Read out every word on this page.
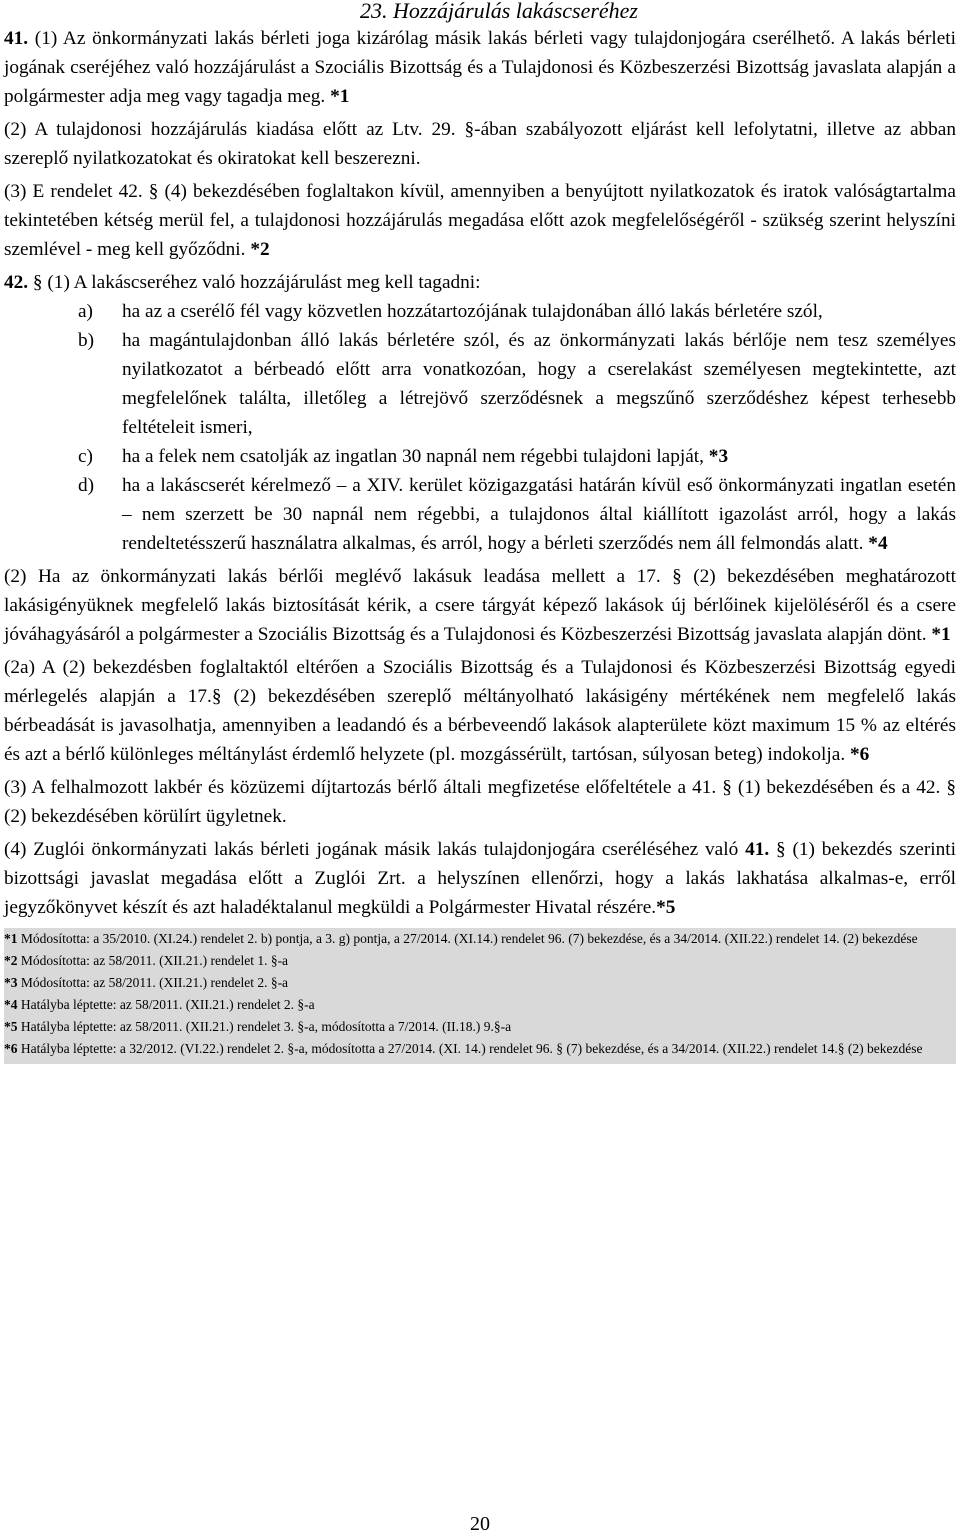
23. Hozzájárulás lakáscseréhez

41. (1) Az önkormányzati lakás bérleti joga kizárólag másik lakás bérleti vagy tulajdonjogára cserélhető. A lakás bérleti jogának cseréjéhez való hozzájárulást a Szociális Bizottság és a Tulajdonosi és Közbeszerzési Bizottság javaslata alapján a polgármester adja meg vagy tagadja meg. *1

(2) A tulajdonosi hozzájárulás kiadása előtt az Ltv. 29. §-ában szabályozott eljárást kell lefolytatni, illetve az abban szereplő nyilatkozatokat és okiratokat kell beszerezni.

(3) E rendelet 42. § (4) bekezdésében foglaltakon kívül, amennyiben a benyújtott nyilatkozatok és iratok valóságtartalma tekintetében kétség merül fel, a tulajdonosi hozzájárulás megadása előtt azok megfelelőségéről - szükség szerint helyszíni szemlével - meg kell győződni. *2

42. § (1) A lakáscseréhez való hozzájárulást meg kell tagadni:

a)	ha az a cserélő fél vagy közvetlen hozzátartozójának tulajdonában álló lakás bérletére szól,
b)	ha magántulajdonban álló lakás bérletére szól, és az önkormányzati lakás bérlője nem tesz személyes nyilatkozatot a bérbeadó előtt arra vonatkozóan, hogy a cserelakást személyesen megtekintette, azt megfelelőnek találta, illetőleg a létrejövő szerződésnek a megszűnő szerződéshez képest terhesebb feltételeit ismeri,
c)	ha a felek nem csatolják az ingatlan 30 napnál nem régebbi tulajdoni lapját, *3
d)	ha a lakáscserét kérelmező – a XIV. kerület közigazgatási határán kívül eső önkormányzati ingatlan esetén – nem szerzett be 30 napnál nem régebbi, a tulajdonos által kiállított igazolást arról, hogy a lakás rendeltetésszerű használatra alkalmas, és arról, hogy a bérleti szerződés nem áll felmondás alatt. *4

(2) Ha az önkormányzati lakás bérlői meglévő lakásuk leadása mellett a 17. § (2) bekezdésében meghatározott lakásigényüknek megfelelő lakás biztosítását kérik, a csere tárgyát képező lakások új bérlőinek kijelöléséről és a csere jóváhagyásáról a polgármester a Szociális Bizottság és a Tulajdonosi és Közbeszerzési Bizottság javaslata alapján dönt. *1

(2a) A (2) bekezdésben foglaltaktól eltérően a Szociális Bizottság és a Tulajdonosi és Közbeszerzési Bizottság egyedi mérlegelés alapján a 17.§ (2) bekezdésében szereplő méltányolható lakásigény mértékének nem megfelelő lakás bérbeadását is javasolhatja, amennyiben a leadandó és a bérbeveendő lakások alapterülete közt maximum 15 % az eltérés és azt a bérlő különleges méltánylást érdemlő helyzete (pl. mozgássérült, tartósan, súlyosan beteg) indokolja. *6

(3) A felhalmozott lakbér és közüzemi díjtartozás bérlő általi megfizetése előfeltétele a 41. § (1) bekezdésében és a 42. § (2) bekezdésében körülírt ügyletnek.

(4) Zuglói önkormányzati lakás bérleti jogának másik lakás tulajdonjogára cseréléséhez való 41. § (1) bekezdés szerinti bizottsági javaslat megadása előtt a Zuglói Zrt. a helyszínen ellenőrzi, hogy a lakás lakhatása alkalmas-e, erről jegyzőkönyvet készít és azt haladéktalanul megküldi a Polgármester Hivatal részére.*5

*1 Módosította: a 35/2010. (XI.24.) rendelet 2. b) pontja, a 3. g) pontja, a 27/2014. (XI.14.) rendelet 96. (7) bekezdése, és a 34/2014. (XII.22.) rendelet 14. (2) bekezdése

*2 Módosította: az 58/2011. (XII.21.) rendelet 1. §-a

*3 Módosította: az 58/2011. (XII.21.) rendelet 2. §-a

*4 Hatályba léptette: az 58/2011. (XII.21.) rendelet 2. §-a

*5 Hatályba léptette: az 58/2011. (XII.21.) rendelet 3. §-a, módosította a 7/2014. (II.18.) 9.§-a

*6 Hatályba léptette: a 32/2012. (VI.22.) rendelet 2. §-a, módosította a 27/2014. (XI. 14.) rendelet 96. § (7) bekezdése, és a 34/2014. (XII.22.) rendelet 14.§ (2) bekezdése

20
